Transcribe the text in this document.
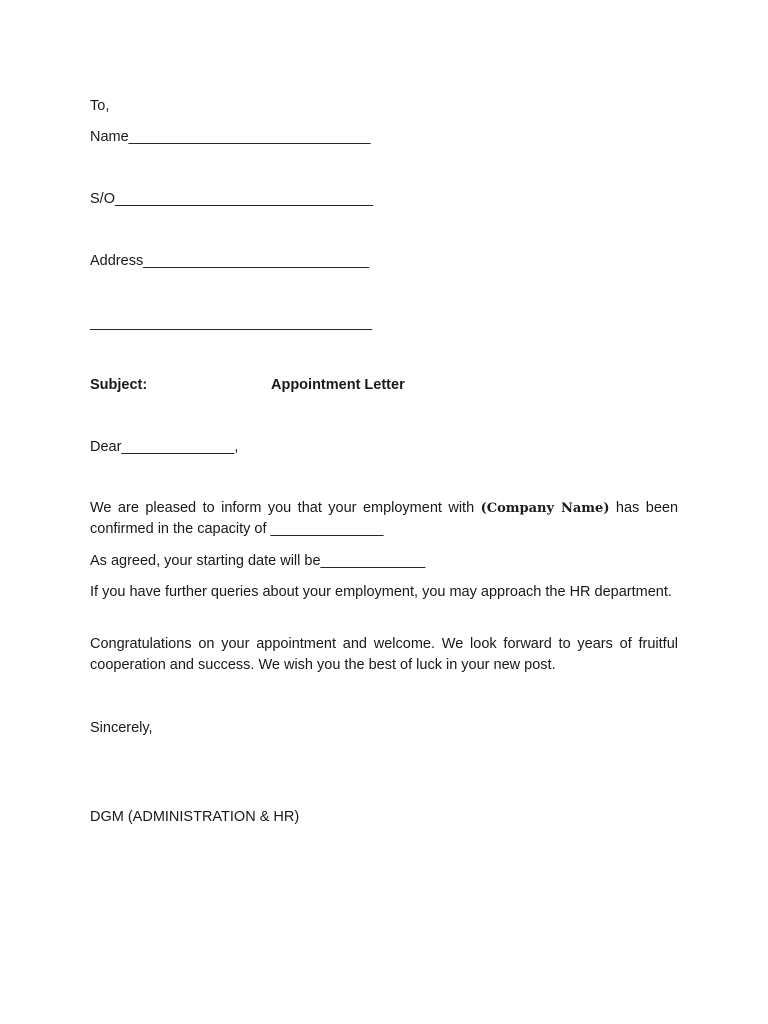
To,
Name______________________________
S/O________________________________
Address____________________________
___________________________________
Subject:	Appointment Letter
Dear______________,
We are pleased to inform you that your employment with (Company Name) has been confirmed in the capacity of ______________
As agreed, your starting date will be_____________
If you have further queries about your employment, you may approach the HR department.
Congratulations on your appointment and welcome. We look forward to years of fruitful cooperation and success. We wish you the best of luck in your new post.
Sincerely,
DGM (ADMINISTRATION & HR)
